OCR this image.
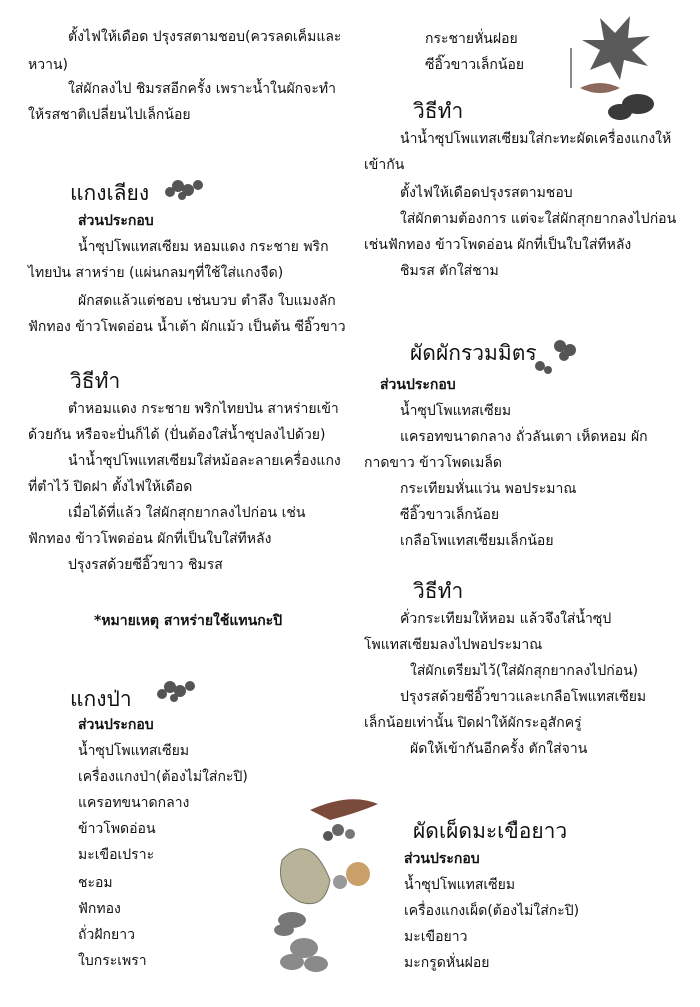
ตั้งไฟให้เดือด ปรุงรสตามชอบ(ควรลดเค็มและ
หวาน)
ใส่ผักลงไป ชิมรสอีกครั้ง เพราะน้ำในผักจะทำ
ให้รสชาติเปลี่ยนไปเล็กน้อย
แกงเลียง
ส่วนประกอบ
น้ำซุปโพแทสเซียม หอมแดง กระชาย พริก
ไทยป่น สาหร่าย (แผ่นกลมๆที่ใช้ใส่แกงจืด)
ผักสดแล้วแต่ชอบ เช่นบวบ ตำลึง ใบแมงลัก
ฟักทอง ข้าวโพดอ่อน น้ำเต้า ผักแม้ว เป็นต้น ซีอิ๊วขาว
วิธีทำ
ตำหอมแดง กระชาย พริกไทยป่น สาหร่ายเข้า
ด้วยกัน หรือจะปั่นก็ได้ (ปั่นต้องใส่น้ำซุปลงไปด้วย)
นำน้ำซุปโพแทสเซียมใส่หม้อละลายเครื่องแกง
ที่ตำไว้ ปิดฝา ตั้งไฟให้เดือด
เมื่อได้ที่แล้ว ใส่ผักสุกยากลงไปก่อน เช่น
ฟักทอง ข้าวโพดอ่อน ผักที่เป็นใบใส่ทีหลัง
ปรุงรสด้วยซีอิ๊วขาว ชิมรส
*หมายเหตุ สาหร่ายใช้แทนกะปิ
แกงป่า
ส่วนประกอบ
น้ำซุปโพแทสเซียม
เครื่องแกงป่า(ต้องไม่ใส่กะปิ)
แครอทขนาดกลาง
ข้าวโพดอ่อน
มะเขือเปราะ
ชะอม
ฟักทอง
ถั่วฝักยาว
ใบกระเพรา
กระชายหั่นฝอย
ซีอิ๊วขาวเล็กน้อย
วิธีทำ
นำน้ำซุปโพแทสเซียมใส่กะทะผัดเครื่องแกงให้
เข้ากัน
ตั้งไฟให้เดือดปรุงรสตามชอบ
ใส่ผักตามต้องการ แต่จะใส่ผักสุกยากลงไปก่อน
เช่นฟักทอง ข้าวโพดอ่อน ผักที่เป็นใบใส่ทีหลัง
ชิมรส ตักใส่ชาม
ผัดผักรวมมิตร
ส่วนประกอบ
น้ำซุปโพแทสเซียม
แครอทขนาดกลาง ถั่วลันเตา เห็ดหอม ผัก
กาดขาว ข้าวโพดเมล็ด
กระเทียมหั่นแว่น พอประมาณ
ซีอิ๊วขาวเล็กน้อย
เกลือโพแทสเซียมเล็กน้อย
วิธีทำ
คั่วกระเทียมให้หอม แล้วจึงใส่น้ำซุป
โพแทสเซียมลงไปพอประมาณ
ใส่ผักเตรียมไว้(ใส่ผักสุกยากลงไปก่อน)
ปรุงรสด้วยซีอิ๊วขาวและเกลือโพแทสเซียม
เล็กน้อยเท่านั้น ปิดฝาให้ผักระอุสักครู่
ผัดให้เข้ากันอีกครั้ง ตักใส่จาน
ผัดเผ็ดมะเขือยาว
ส่วนประกอบ
น้ำซุปโพแทสเซียม
เครื่องแกงเผ็ด(ต้องไม่ใส่กะปิ)
มะเขือยาว
มะกรูดหั่นฝอย
